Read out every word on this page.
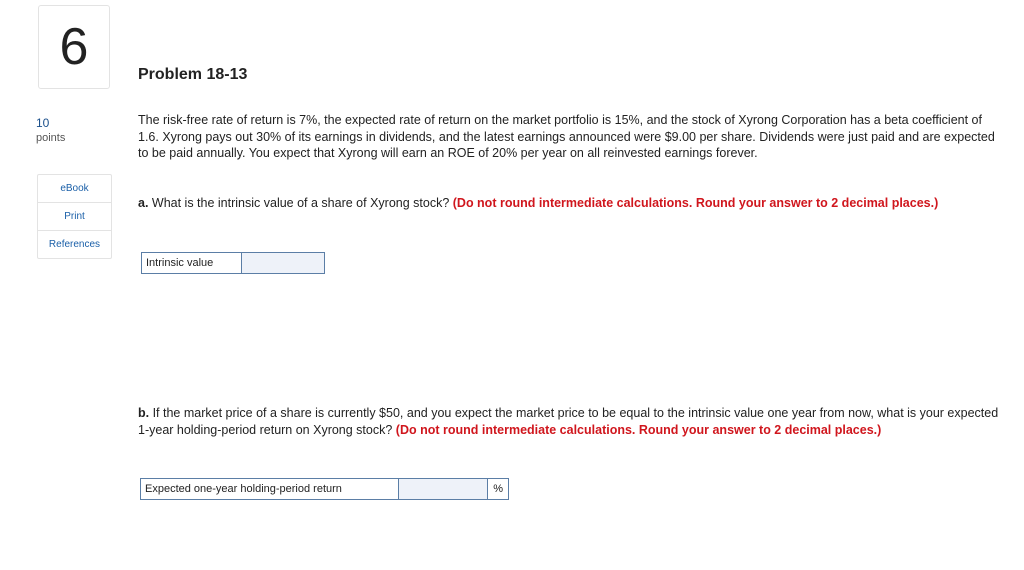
6
10
points
eBook
Print
References
Problem 18-13
The risk-free rate of return is 7%, the expected rate of return on the market portfolio is 15%, and the stock of Xyrong Corporation has a beta coefficient of 1.6. Xyrong pays out 30% of its earnings in dividends, and the latest earnings announced were $9.00 per share. Dividends were just paid and are expected to be paid annually. You expect that Xyrong will earn an ROE of 20% per year on all reinvested earnings forever.
a. What is the intrinsic value of a share of Xyrong stock? (Do not round intermediate calculations. Round your answer to 2 decimal places.)
Intrinsic value
b. If the market price of a share is currently $50, and you expect the market price to be equal to the intrinsic value one year from now, what is your expected 1-year holding-period return on Xyrong stock? (Do not round intermediate calculations. Round your answer to 2 decimal places.)
Expected one-year holding-period return	%
